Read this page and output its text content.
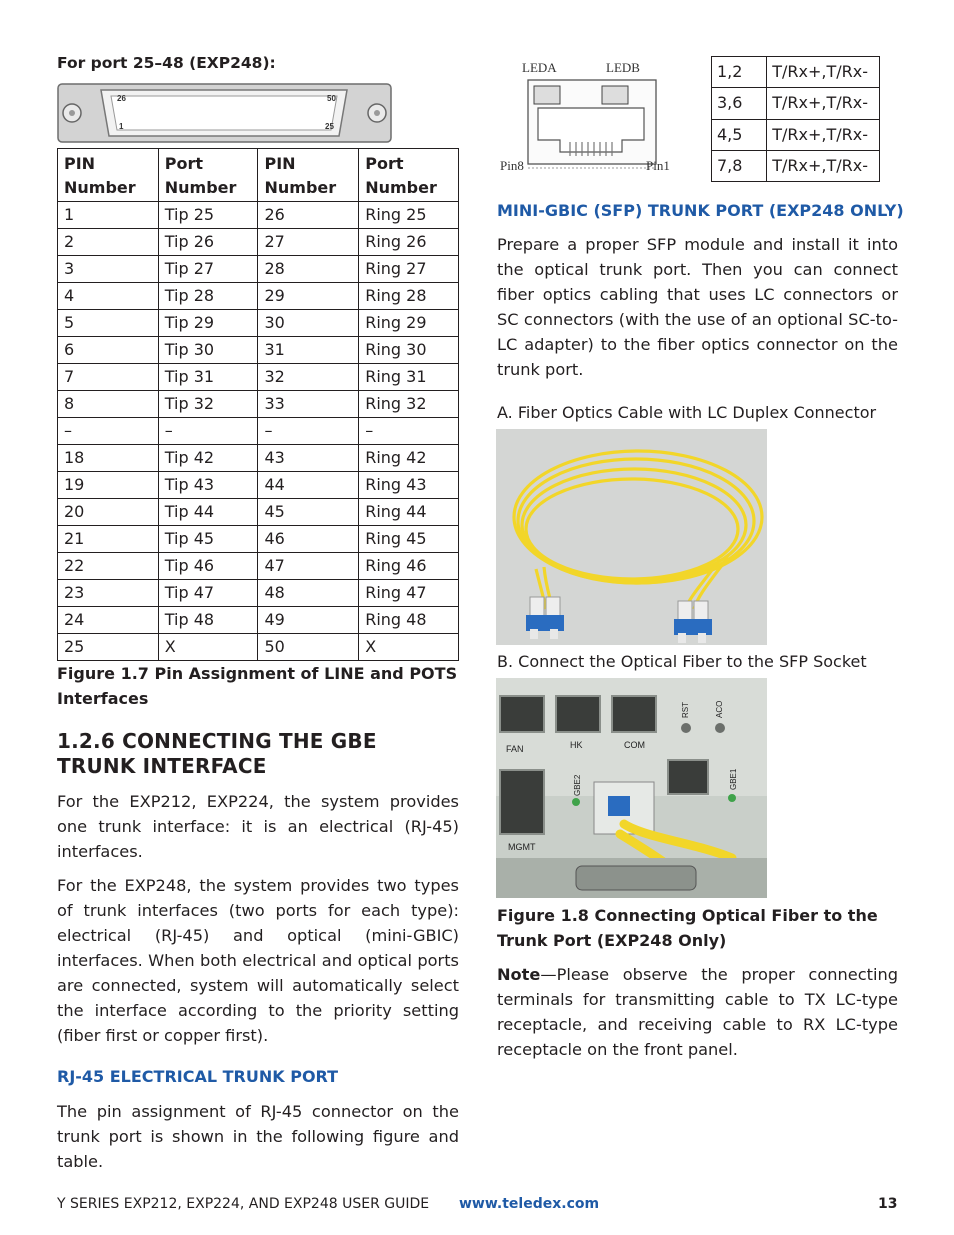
For port 25–48 (EXP248):
26	50
1	25
PIN Number	Port Number	PIN Number	Port Number
1	Tip 25	26	Ring 25
2	Tip 26	27	Ring 26
3	Tip 27	28	Ring 27
4	Tip 28	29	Ring 28
5	Tip 29	30	Ring 29
6	Tip 30	31	Ring 30
7	Tip 31	32	Ring 31
8	Tip 32	33	Ring 32
–	–	–	–
18	Tip 42	43	Ring 42
19	Tip 43	44	Ring 43
20	Tip 44	45	Ring 44
21	Tip 45	46	Ring 45
22	Tip 46	47	Ring 46
23	Tip 47	48	Ring 47
24	Tip 48	49	Ring 48
25	X	50	X
Figure 1.7 Pin Assignment of LINE and POTS Interfaces
1.2.6 CONNECTING THE GBE TRUNK INTERFACE
For the EXP212, EXP224, the system provides one trunk interface: it is an electrical (RJ-45) interfaces.
For the EXP248, the system provides two types of trunk interfaces (two ports for each type): electrical (RJ-45) and optical (mini-GBIC) interfaces. When both electrical and optical ports are connected, system will automatically select the interface according to the priority setting (fiber first or copper first).
RJ-45 ELECTRICAL TRUNK PORT
The pin assignment of RJ-45 connector on the trunk port is shown in the following figure and table.
LEDA	LEDB
Pin8	Pin1
1,2	T/Rx+,T/Rx-
3,6	T/Rx+,T/Rx-
4,5	T/Rx+,T/Rx-
7,8	T/Rx+,T/Rx-
MINI-GBIC (SFP) TRUNK PORT (EXP248 ONLY)
Prepare a proper SFP module and install it into the optical trunk port. Then you can connect fiber optics cabling that uses LC connectors or SC connectors (with the use of an optional SC-to-LC adapter) to the fiber optics connector on the trunk port.
A. Fiber Optics Cable with LC Duplex Connector
B. Connect the Optical Fiber to the SFP Socket
FAN	HK	COM
RST	ACO
GBE2	GBE1
MGMT
Figure 1.8 Connecting Optical Fiber to the Trunk Port (EXP248 Only)
Note—Please observe the proper connecting terminals for transmitting cable to TX LC-type receptacle, and receiving cable to RX LC-type receptacle on the front panel.
Y SERIES EXP212, EXP224, AND EXP248 USER GUIDE www.teledex.com	13
